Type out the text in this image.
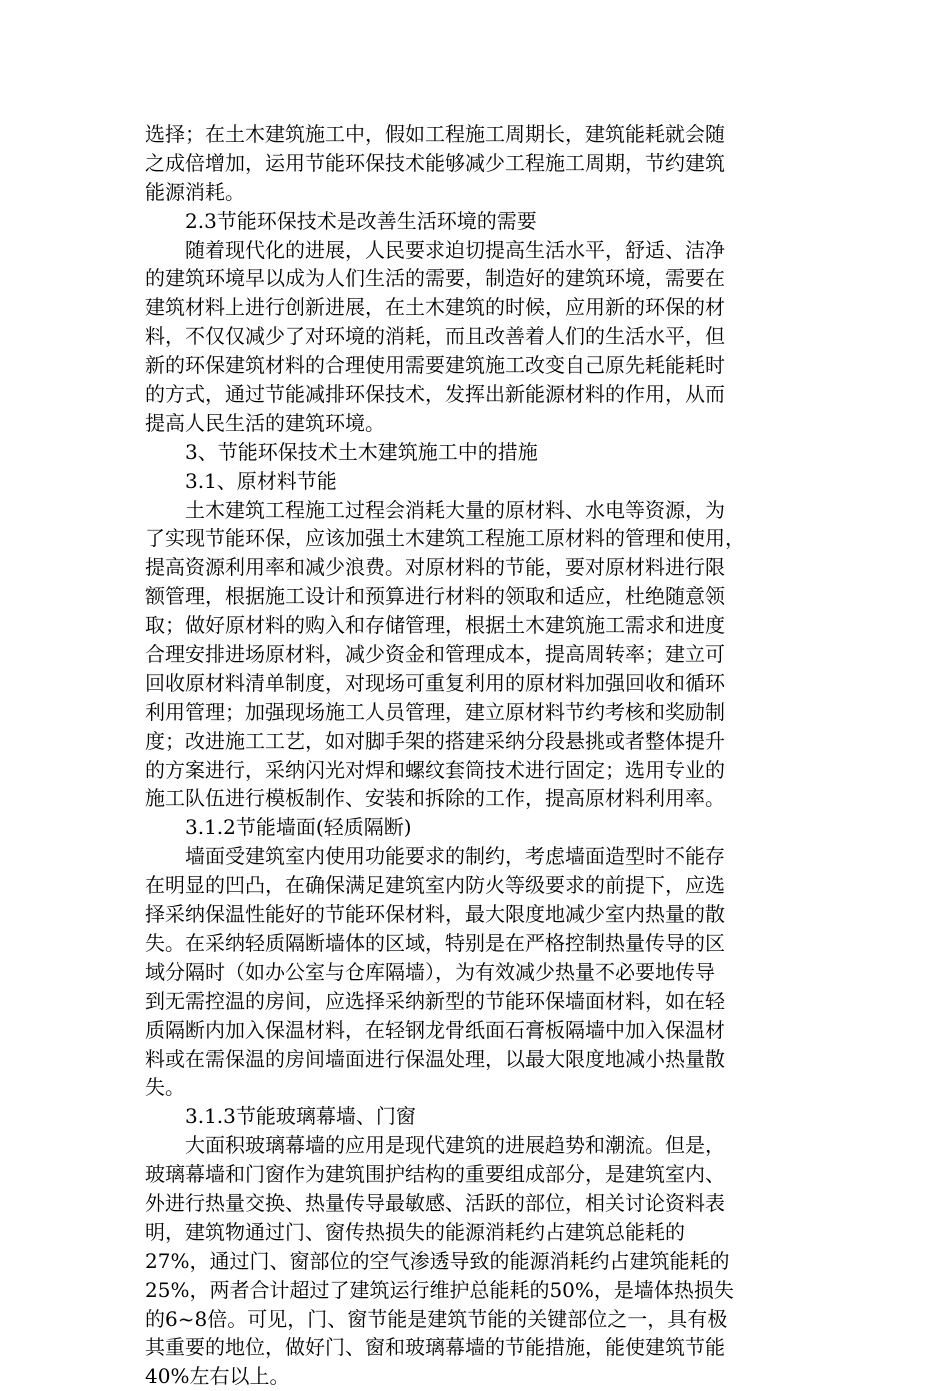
选择；在土木建筑施工中，假如工程施工周期长，建筑能耗就会随
之成倍增加，运用节能环保技术能够减少工程施工周期，节约建筑
能源消耗。
　　2.3节能环保技术是改善生活环境的需要
　　随着现代化的进展，人民要求迫切提高生活水平，舒适、洁净
的建筑环境早以成为人们生活的需要，制造好的建筑环境，需要在
建筑材料上进行创新进展，在土木建筑的时候，应用新的环保的材
料，不仅仅减少了对环境的消耗，而且改善着人们的生活水平，但
新的环保建筑材料的合理使用需要建筑施工改变自己原先耗能耗时
的方式，通过节能减排环保技术，发挥出新能源材料的作用，从而
提高人民生活的建筑环境。
　　3、节能环保技术土木建筑施工中的措施
　　3.1、原材料节能
　　土木建筑工程施工过程会消耗大量的原材料、水电等资源，为
了实现节能环保，应该加强土木建筑工程施工原材料的管理和使用，
提高资源利用率和减少浪费。对原材料的节能，要对原材料进行限
额管理，根据施工设计和预算进行材料的领取和适应，杜绝随意领
取；做好原材料的购入和存储管理，根据土木建筑施工需求和进度
合理安排进场原材料，减少资金和管理成本，提高周转率；建立可
回收原材料清单制度，对现场可重复利用的原材料加强回收和循环
利用管理；加强现场施工人员管理，建立原材料节约考核和奖励制
度；改进施工工艺，如对脚手架的搭建采纳分段悬挑或者整体提升
的方案进行，采纳闪光对焊和螺纹套筒技术进行固定；选用专业的
施工队伍进行模板制作、安装和拆除的工作，提高原材料利用率。
　　3.1.2节能墙面(轻质隔断)
　　墙面受建筑室内使用功能要求的制约，考虑墙面造型时不能存
在明显的凹凸，在确保满足建筑室内防火等级要求的前提下，应选
择采纳保温性能好的节能环保材料，最大限度地减少室内热量的散
失。在采纳轻质隔断墙体的区域，特别是在严格控制热量传导的区
域分隔时（如办公室与仓库隔墙），为有效减少热量不必要地传导
到无需控温的房间，应选择采纳新型的节能环保墙面材料，如在轻
质隔断内加入保温材料，在轻钢龙骨纸面石膏板隔墙中加入保温材
料或在需保温的房间墙面进行保温处理，以最大限度地减小热量散
失。
　　3.1.3节能玻璃幕墙、门窗
　　大面积玻璃幕墙的应用是现代建筑的进展趋势和潮流。但是，
玻璃幕墙和门窗作为建筑围护结构的重要组成部分，是建筑室内、
外进行热量交换、热量传导最敏感、活跃的部位，相关讨论资料表
明，建筑物通过门、窗传热损失的能源消耗约占建筑总能耗的
27%，通过门、窗部位的空气渗透导致的能源消耗约占建筑能耗的
25%，两者合计超过了建筑运行维护总能耗的50%，是墙体热损失
的6~8倍。可见，门、窗节能是建筑节能的关键部位之一，具有极
其重要的地位，做好门、窗和玻璃幕墙的节能措施，能使建筑节能
40%左右以上。
